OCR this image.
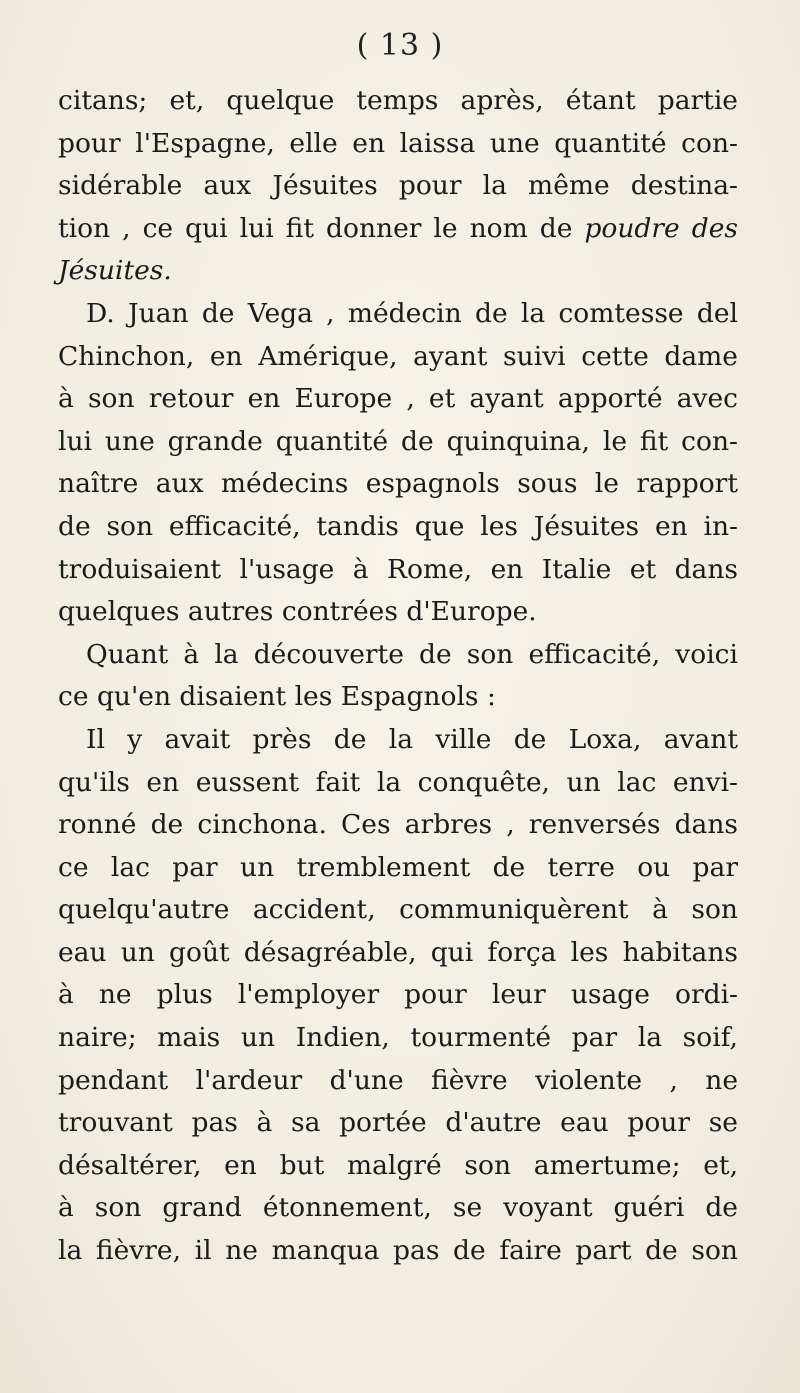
( 13 )
citans; et, quelque temps après, étant partie
pour l'Espagne, elle en laissa une quantité con-
sidérable aux Jésuites pour la même destina-
tion , ce qui lui fit donner le nom de poudre des
Jésuites.
D. Juan de Vega , médecin de la comtesse del
Chinchon, en Amérique, ayant suivi cette dame
à son retour en Europe , et ayant apporté avec
lui une grande quantité de quinquina, le fit con-
naître aux médecins espagnols sous le rapport
de son efficacité, tandis que les Jésuites en in-
troduisaient l'usage à Rome, en Italie et dans
quelques autres contrées d'Europe.
Quant à la découverte de son efficacité, voici
ce qu'en disaient les Espagnols :
Il y avait près de la ville de Loxa, avant
qu'ils en eussent fait la conquête, un lac envi-
ronné de cinchona. Ces arbres , renversés dans
ce lac par un tremblement de terre ou par
quelqu'autre accident, communiquèrent à son
eau un goût désagréable, qui força les habitans
à ne plus l'employer pour leur usage ordi-
naire; mais un Indien, tourmenté par la soif,
pendant l'ardeur d'une fièvre violente , ne
trouvant pas à sa portée d'autre eau pour se
désaltérer, en but malgré son amertume; et,
à son grand étonnement, se voyant guéri de
la fièvre, il ne manqua pas de faire part de son
